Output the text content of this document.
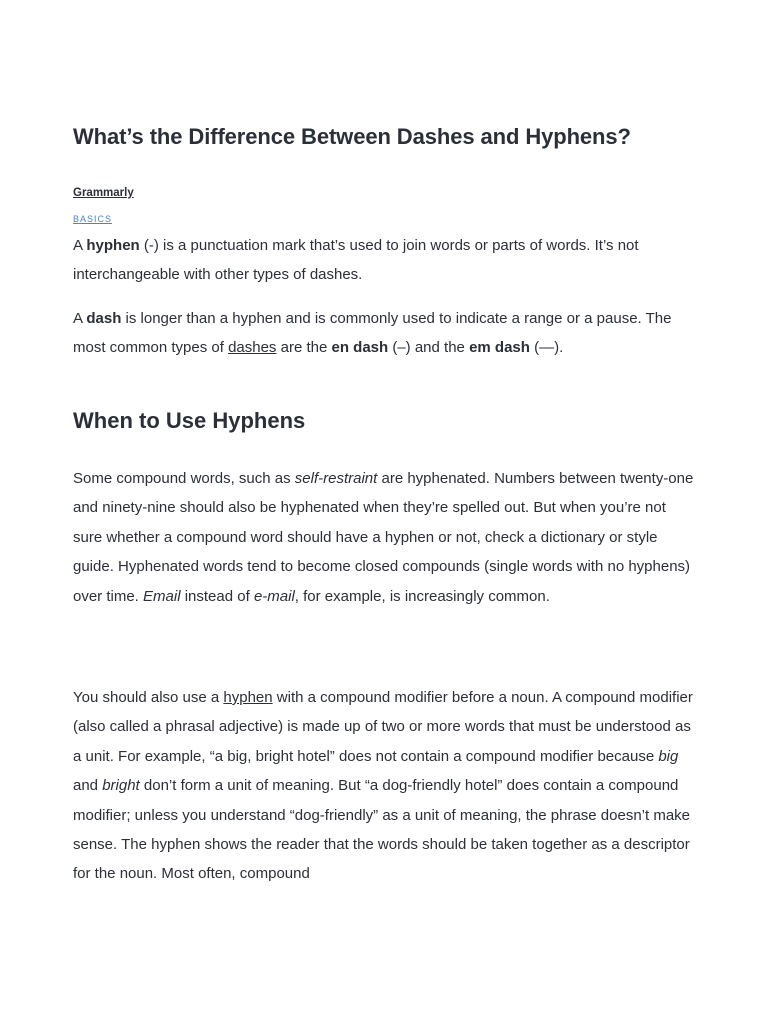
What’s the Difference Between Dashes and Hyphens?
Grammarly
BASICS

A hyphen (-) is a punctuation mark that’s used to join words or parts of words. It’s not interchangeable with other types of dashes.

A dash is longer than a hyphen and is commonly used to indicate a range or a pause. The most common types of dashes are the en dash (–) and the em dash (—).

When to Use Hyphens

Some compound words, such as self-restraint are hyphenated. Numbers between twenty-one and ninety-nine should also be hyphenated when they’re spelled out. But when you’re not sure whether a compound word should have a hyphen or not, check a dictionary or style guide. Hyphenated words tend to become closed compounds (single words with no hyphens) over time. Email instead of e-mail, for example, is increasingly common.

You should also use a hyphen with a compound modifier before a noun. A compound modifier (also called a phrasal adjective) is made up of two or more words that must be understood as a unit. For example, “a big, bright hotel” does not contain a compound modifier because big and bright don’t form a unit of meaning. But “a dog-friendly hotel” does contain a compound modifier; unless you understand “dog-friendly” as a unit of meaning, the phrase doesn’t make sense. The hyphen shows the reader that the words should be taken together as a descriptor for the noun. Most often, compound
